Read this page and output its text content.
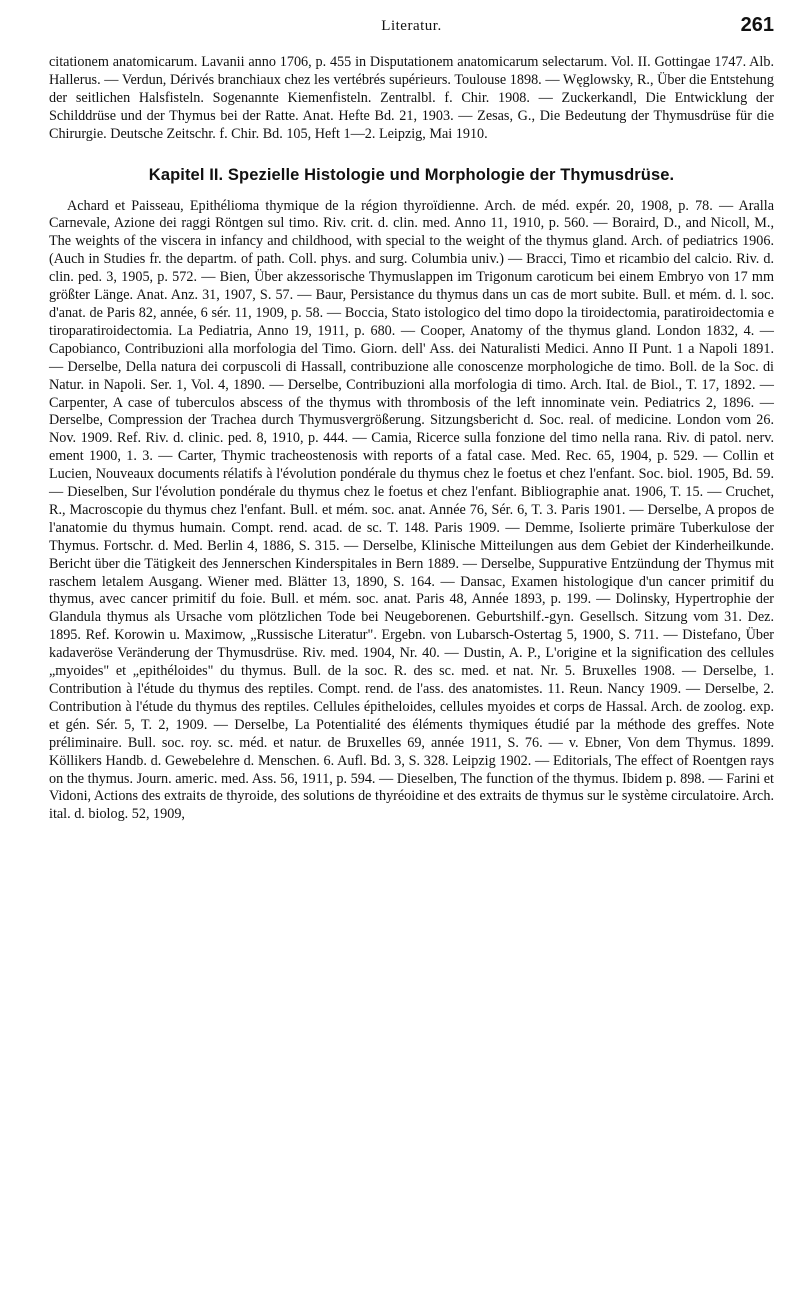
Literatur.	261

citationem anatomicarum. Lavanii anno 1706, p. 455 in Disputationem anatomicarum selectarum. Vol. II. Gottingae 1747. Alb. Hallerus. — Verdun, Dérivés branchiaux chez les vertébrés supérieurs. Toulouse 1898. — Węglowsky, R., Über die Entstehung der seitlichen Halsfisteln. Sogenannte Kiemenfisteln. Zentralbl. f. Chir. 1908. — Zuckerkandl, Die Entwicklung der Schilddrüse und der Thymus bei der Ratte. Anat. Hefte Bd. 21, 1903. — Zesas, G., Die Bedeutung der Thymusdrüse für die Chirurgie. Deutsche Zeitschr. f. Chir. Bd. 105, Heft 1—2. Leipzig, Mai 1910.

Kapitel II. Spezielle Histologie und Morphologie der Thymusdrüse.

Achard et Paisseau, Epithélioma thymique de la région thyroïdienne. Arch. de méd. expér. 20, 1908, p. 78. — Aralla Carnevale, Azione dei raggi Röntgen sul timo. Riv. crit. d. clin. med. Anno 11, 1910, p. 560. — Boraird, D., and Nicoll, M., The weights of the viscera in infancy and childhood, with special to the weight of the thymus gland. Arch. of pediatrics 1906. (Auch in Studies fr. the departm. of path. Coll. phys. and surg. Columbia univ.) — Bracci, Timo et ricambio del calcio. Riv. d. clin. ped. 3, 1905, p. 572. — Bien, Über akzessorische Thymuslappen im Trigonum caroticum bei einem Embryo von 17 mm größter Länge. Anat. Anz. 31, 1907, S. 57. — Baur, Persistance du thymus dans un cas de mort subite. Bull. et mém. d. l. soc. d'anat. de Paris 82, année, 6 sér. 11, 1909, p. 58. — Boccia, Stato istologico del timo dopo la tiroidectomia, paratiroidectomia e tiroparatiroidectomia. La Pediatria, Anno 19, 1911, p. 680. — Cooper, Anatomy of the thymus gland. London 1832, 4. — Capobianco, Contribuzioni alla morfologia del Timo. Giorn. dell' Ass. dei Naturalisti Medici. Anno II Punt. 1 a Napoli 1891. — Derselbe, Della natura dei corpuscoli di Hassall, contribuzione alle conoscenze morphologiche de timo. Boll. de la Soc. di Natur. in Napoli. Ser. 1, Vol. 4, 1890. — Derselbe, Contribuzioni alla morfologia di timo. Arch. Ital. de Biol., T. 17, 1892. — Carpenter, A case of tuberculos abscess of the thymus with thrombosis of the left innominate vein. Pediatrics 2, 1896. — Derselbe, Compression der Trachea durch Thymusvergrößerung. Sitzungsbericht d. Soc. real. of medicine. London vom 26. Nov. 1909. Ref. Riv. d. clinic. ped. 8, 1910, p. 444. — Camia, Ricerce sulla fonzione del timo nella rana. Riv. di patol. nerv. ement 1900, 1. 3. — Carter, Thymic tracheostenosis with reports of a fatal case. Med. Rec. 65, 1904, p. 529. — Collin et Lucien, Nouveaux documents rélatifs à l'évolution pondérale du thymus chez le foetus et chez l'enfant. Soc. biol. 1905, Bd. 59. — Dieselben, Sur l'évolution pondérale du thymus chez le foetus et chez l'enfant. Bibliographie anat. 1906, T. 15. — Cruchet, R., Macroscopie du thymus chez l'enfant. Bull. et mém. soc. anat. Année 76, Sér. 6, T. 3. Paris 1901. — Derselbe, A propos de l'anatomie du thymus humain. Compt. rend. acad. de sc. T. 148. Paris 1909. — Demme, Isolierte primäre Tuberkulose der Thymus. Fortschr. d. Med. Berlin 4, 1886, S. 315. — Derselbe, Klinische Mitteilungen aus dem Gebiet der Kinderheilkunde. Bericht über die Tätigkeit des Jennerschen Kinderspitales in Bern 1889. — Derselbe, Suppurative Entzündung der Thymus mit raschem letalem Ausgang. Wiener med. Blätter 13, 1890, S. 164. — Dansac, Examen histologique d'un cancer primitif du thymus, avec cancer primitif du foie. Bull. et mém. soc. anat. Paris 48, Année 1893, p. 199. — Dolinsky, Hypertrophie der Glandula thymus als Ursache vom plötzlichen Tode bei Neugeborenen. Geburtshilf.-gyn. Gesellsch. Sitzung vom 31. Dez. 1895. Ref. Korowin u. Maximow, „Russische Literatur". Ergebn. von Lubarsch-Ostertag 5, 1900, S. 711. — Distefano, Über kadaveröse Veränderung der Thymusdrüse. Riv. med. 1904, Nr. 40. — Dustin, A. P., L'origine et la signification des cellules „myoides" et „epithéloides" du thymus. Bull. de la soc. R. des sc. med. et nat. Nr. 5. Bruxelles 1908. — Derselbe, 1. Contribution à l'étude du thymus des reptiles. Compt. rend. de l'ass. des anatomistes. 11. Reun. Nancy 1909. — Derselbe, 2. Contribution à l'étude du thymus des reptiles. Cellules épitheloides, cellules myoides et corps de Hassal. Arch. de zoolog. exp. et gén. Sér. 5, T. 2, 1909. — Derselbe, La Potentialité des éléments thymiques étudié par la méthode des greffes. Note préliminaire. Bull. soc. roy. sc. méd. et natur. de Bruxelles 69, année 1911, S. 76. — v. Ebner, Von dem Thymus. 1899. Köllikers Handb. d. Gewebelehre d. Menschen. 6. Aufl. Bd. 3, S. 328. Leipzig 1902. — Editorials, The effect of Roentgen rays on the thymus. Journ. americ. med. Ass. 56, 1911, p. 594. — Dieselben, The function of the thymus. Ibidem p. 898. — Farini et Vidoni, Actions des extraits de thyroide, des solutions de thyréoidine et des extraits de thymus sur le système circulatoire. Arch. ital. d. biolog. 52, 1909,
